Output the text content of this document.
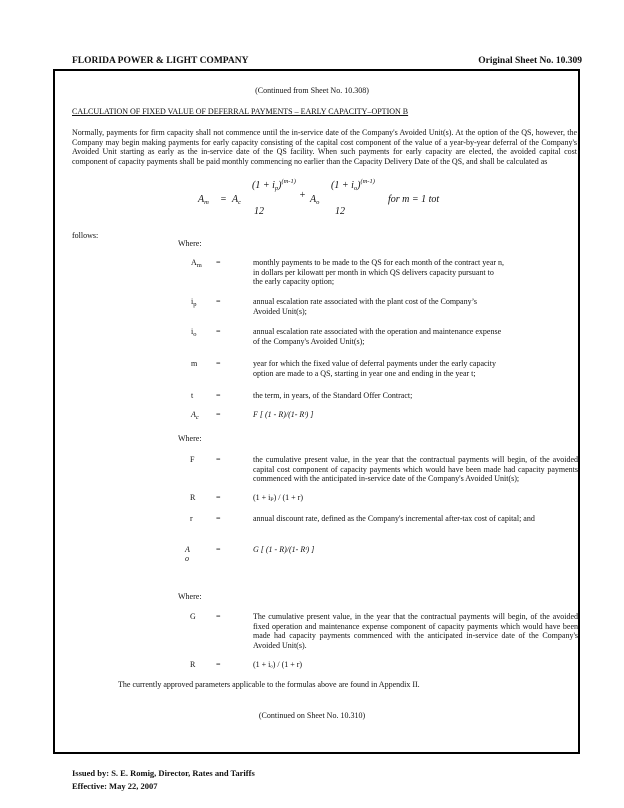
FLORIDA POWER & LIGHT COMPANY	Original Sheet No. 10.309
(Continued from Sheet No. 10.308)
CALCULATION OF FIXED VALUE OF DEFERRAL PAYMENTS – EARLY CAPACITY–OPTION B
Normally, payments for firm capacity shall not commence until the in-service date of the Company's Avoided Unit(s). At the option of the QS, however, the Company may begin making payments for early capacity consisting of the capital cost component of the value of a year-by-year deferral of the Company's Avoided Unit starting as early as the in-service date of the QS facility. When such payments for early capacity are elected, the avoided capital cost component of capacity payments shall be paid monthly commencing no earlier than the Capacity Delivery Date of the QS, and shall be calculated as
$A_m = A_c$
$(1 + i_p)^{(m-1)}$
12
+ $A_o$
$(1 + i_o)^{(m-1)}$
12
for m = 1 tot
follows:
Where:
$A_m$	=	monthly payments to be made to the QS for each month of the contract year n,
in dollars per kilowatt per month in which QS delivers capacity pursuant to
the early capacity option;
$i_p$	=	annual escalation rate associated with the plant cost of the Company’s
Avoided Unit(s);
$i_o$	=	annual escalation rate associated with the operation and maintenance expense
of the Company's Avoided Unit(s);
m	=	year for which the fixed value of deferral payments under the early capacity
option are made to a QS, starting in year one and ending in the year t;
t	=	the term, in years, of the Standard Offer Contract;
$A_c$	=	F [ (1 - R)/(1- Rᵗ) ]
Where:
F	=	the cumulative present value, in the year that the contractual payments will begin, of the avoided capital cost component of capacity payments which would have been made had capacity payments commenced with the anticipated in-service date of the Company's Avoided Unit(s);
R	=	(1 + iₚ) / (1 + r)
r	=	annual discount rate, defined as the Company's incremental after-tax cost of capital; and
A o
=	G [ (1 - R)/(1- Rᵗ) ]
Where:
G	=	The cumulative present value, in the year that the contractual payments will begin, of the avoided fixed operation and maintenance expense component of capacity payments which would have been made had capacity payments commenced with the anticipated in-service date of the Company's Avoided Unit(s).
R	=	(1 + iₒ) / (1 + r)
The currently approved parameters applicable to the formulas above are found in Appendix II.
(Continued on Sheet No. 10.310)
Issued by: S. E. Romig, Director, Rates and Tariffs
Effective: May 22, 2007
